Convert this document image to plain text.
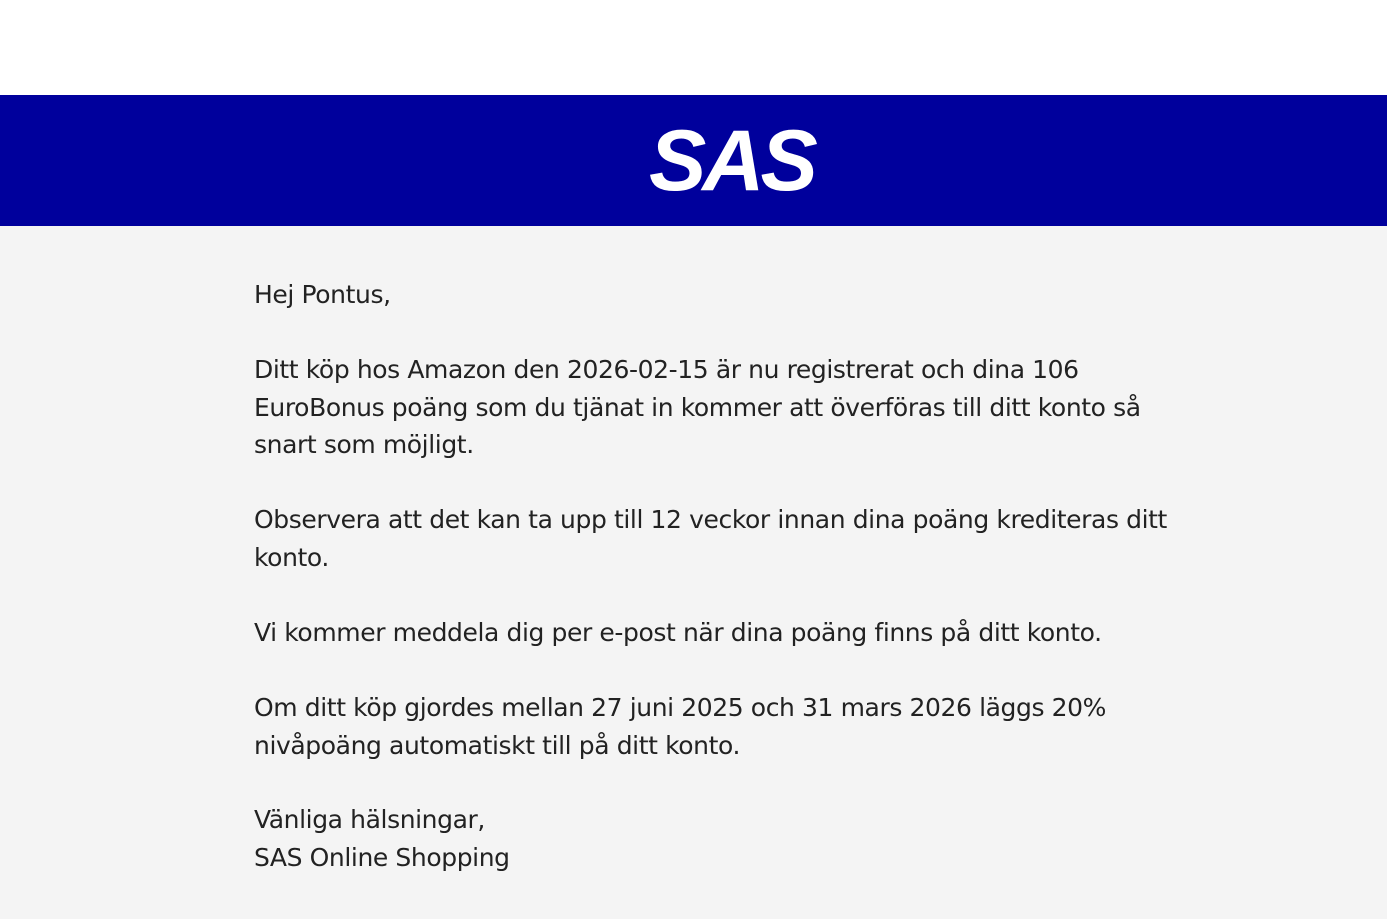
SAS

Hej Pontus,

Ditt köp hos Amazon den 2026-02-15 är nu registrerat och dina 106 EuroBonus poäng som du tjänat in kommer att överföras till ditt konto så snart som möjligt.

Observera att det kan ta upp till 12 veckor innan dina poäng krediteras ditt konto.

Vi kommer meddela dig per e-post när dina poäng finns på ditt konto.

Om ditt köp gjordes mellan 27 juni 2025 och 31 mars 2026 läggs 20% nivåpoäng automatiskt till på ditt konto.

Vänliga hälsningar,

SAS Online Shopping
